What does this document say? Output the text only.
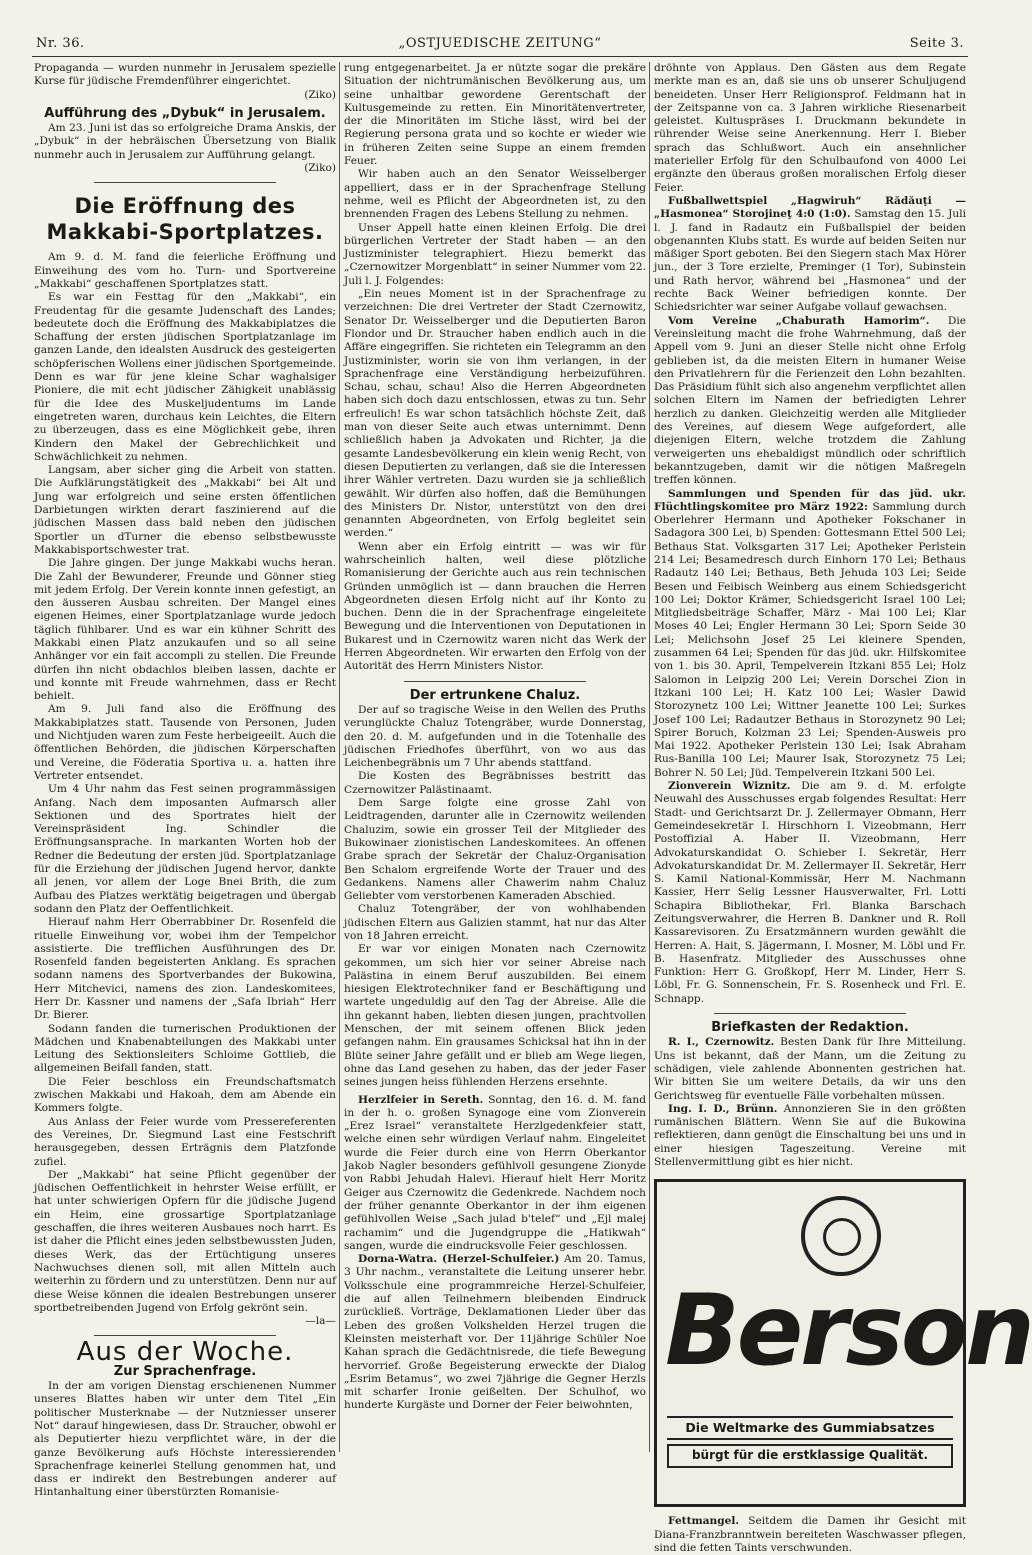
Nr. 36.	„OSTJUEDISCHE ZEITUNG“	Seite 3.

Propaganda — wurden nunmehr in Jerusalem spezielle Kurse für jüdische Fremdenführer eingerichtet.

(Ziko)

Aufführung des „Dybuk“ in Jerusalem.

Am 23. Juni ist das so erfolgreiche Drama Anskis, der „Dybuk“ in der hebräischen Übersetzung von Bialik nunmehr auch in Jerusalem zur Aufführung gelangt.

(Ziko)

Die Eröffnung des Makkabi-Sportplatzes.

Am 9. d. M. fand die feierliche Eröffnung und Einweihung des vom ho. Turn- und Sportvereine „Makkabi“ geschaffenen Sportplatzes statt.

Es war ein Festtag für den „Makkabi“, ein Freudentag für die gesamte Judenschaft des Landes; bedeutete doch die Eröffnung des Makkabiplatzes die Schaffung der ersten jüdischen Sportplatzanlage im ganzen Lande, den idealsten Ausdruck des gesteigerten schöpferischen Wollens einer jüdischen Sportgemeinde. Denn es war für jene kleine Schar waghalsiger Pioniere, die mit echt jüdischer Zähigkeit unablässig für die Idee des Muskeljudentums im Lande eingetreten waren, durchaus kein Leichtes, die Eltern zu überzeugen, dass es eine Möglichkeit gebe, ihren Kindern den Makel der Gebrechlichkeit und Schwächlichkeit zu nehmen.

Langsam, aber sicher ging die Arbeit von statten. Die Aufklärungstätigkeit des „Makkabi“ bei Alt und Jung war erfolgreich und seine ersten öffentlichen Darbietungen wirkten derart faszinierend auf die jüdischen Massen dass bald neben den jüdischen Sportler un dTurner die ebenso selbstbewusste Makkabisportschwester trat.

Die Jahre gingen. Der junge Makkabi wuchs heran. Die Zahl der Bewunderer, Freunde und Gönner stieg mit jedem Erfolg. Der Verein konnte innen gefestigt, an den äusseren Ausbau schreiten. Der Mangel eines eigenen Heimes, einer Sportplatzanlage wurde jedoch täglich fühlbarer. Und es war ein kühner Schritt des Makkabi einen Platz anzukaufen und so all seine Anhänger vor ein fait accompli zu stellen. Die Freunde dürfen ihn nicht obdachlos bleiben lassen, dachte er und konnte mit Freude wahrnehmen, dass er Recht behielt.

Am 9. Juli fand also die Eröffnung des Makkabiplatzes statt. Tausende von Personen, Juden und Nichtjuden waren zum Feste herbeigeeilt. Auch die öffentlichen Behörden, die jüdischen Körperschaften und Vereine, die Föderatia Sportiva u. a. hatten ihre Vertreter entsendet.

Um 4 Uhr nahm das Fest seinen programmässigen Anfang. Nach dem imposanten Aufmarsch aller Sektionen und des Sportrates hielt der Vereinspräsident Ing. Schindler die Eröffnungsansprache. In markanten Worten hob der Redner die Bedeutung der ersten jüd. Sportplatzanlage für die Erziehung der jüdischen Jugend hervor, dankte all jenen, vor allem der Loge Bnei Brith, die zum Aufbau des Platzes werktätig beigetragen und übergab sodann den Platz der Oeffentlichkeit.

Hierauf nahm Herr Oberrabbiner Dr. Rosenfeld die rituelle Einweihung vor, wobei ihm der Tempelchor assistierte. Die trefflichen Ausführungen des Dr. Rosenfeld fanden begeisterten Anklang. Es sprachen sodann namens des Sportverbandes der Bukowina, Herr Mitchevici, namens des zion. Landeskomitees, Herr Dr. Kassner und namens der „Safa Ibriah“ Herr Dr. Bierer.

Sodann fanden die turnerischen Produktionen der Mädchen und Knabenabteilungen des Makkabi unter Leitung des Sektionsleiters Schloime Gottlieb, die allgemeinen Beifall fanden, statt.

Die Feier beschloss ein Freundschaftsmatch zwischen Makkabi und Hakoah, dem am Abende ein Kommers folgte.

Aus Anlass der Feier wurde vom Pressereferenten des Vereines, Dr. Siegmund Last eine Festschrift herausgegeben, dessen Erträgnis dem Platzfonde zufiel.

Der „Makkabi“ hat seine Pflicht gegenüber der jüdischen Oeffentlichkeit in hehrster Weise erfüllt, er hat unter schwierigen Opfern für die jüdische Jugend ein Heim, eine grossartige Sportplatzanlage geschaffen, die ihres weiteren Ausbaues noch harrt. Es ist daher die Pflicht eines jeden selbstbewussten Juden, dieses Werk, das der Ertüchtigung unseres Nachwuchses dienen soll, mit allen Mitteln auch weiterhin zu fördern und zu unterstützen. Denn nur auf diese Weise können die idealen Bestrebungen unserer sportbetreibenden Jugend von Erfolg gekrönt sein.

—la—

Aus der Woche.
Zur Sprachenfrage.

In der am vorigen Dienstag erschienenen Nummer unseres Blattes haben wir unter dem Titel „Ein politischer Musterknabe — der Nutzniesser unserer Not“ darauf hingewiesen, dass Dr. Straucher, obwohl er als Deputierter hiezu verpflichtet wäre, in der die ganze Bevölkerung aufs Höchste interessierenden Sprachenfrage keinerlei Stellung genommen hat, und dass er indirekt den Bestrebungen anderer auf Hintanhaltung einer überstürzten Romanisie-

rung entgegenarbeitet. Ja er nützte sogar die prekäre Situation der nichtrumänischen Bevölkerung aus, um seine unhaltbar gewordene Gerentschaft der Kultusgemeinde zu retten. Ein Minoritätenvertreter, der die Minoritäten im Stiche lässt, wird bei der Regierung persona grata und so kochte er wieder wie in früheren Zeiten seine Suppe an einem fremden Feuer.

Wir haben auch an den Senator Weisselberger appelliert, dass er in der Sprachenfrage Stellung nehme, weil es Pflicht der Abgeordneten ist, zu den brennenden Fragen des Lebens Stellung zu nehmen.

Unser Appell hatte einen kleinen Erfolg. Die drei bürgerlichen Vertreter der Stadt haben — an den Justizminister telegraphiert. Hiezu bemerkt das „Czernowitzer Morgenblatt“ in seiner Nummer vom 22. Juli l. J. Folgendes:

„Ein neues Moment ist in der Sprachenfrage zu verzeichnen: Die drei Vertreter der Stadt Czernowitz, Senator Dr. Weisselberger und die Deputierten Baron Flondor und Dr. Straucher haben endlich auch in die Affäre eingegriffen. Sie richteten ein Telegramm an den Justizminister, worin sie von ihm verlangen, in der Sprachenfrage eine Verständigung herbeizuführen. Schau, schau, schau! Also die Herren Abgeordneten haben sich doch dazu entschlossen, etwas zu tun. Sehr erfreulich! Es war schon tatsächlich höchste Zeit, daß man von dieser Seite auch etwas unternimmt. Denn schließlich haben ja Advokaten und Richter, ja die gesamte Landesbevölkerung ein klein wenig Recht, von diesen Deputierten zu verlangen, daß sie die Interessen ihrer Wähler vertreten. Dazu wurden sie ja schließlich gewählt. Wir dürfen also hoffen, daß die Bemühungen des Ministers Dr. Nistor, unterstützt von den drei genannten Abgeordneten, von Erfolg begleitet sein werden.“

Wenn aber ein Erfolg eintritt — was wir für wahrscheinlich halten, weil diese plötzliche Romanisierung der Gerichte auch aus rein technischen Gründen unmöglich ist — dann brauchen die Herren Abgeordneten diesen Erfolg nicht auf ihr Konto zu buchen. Denn die in der Sprachenfrage eingeleitete Bewegung und die Interventionen von Deputationen in Bukarest und in Czernowitz waren nicht das Werk der Herren Abgeordneten. Wir erwarten den Erfolg von der Autorität des Herrn Ministers Nistor.

Der ertrunkene Chaluz.

Der auf so tragische Weise in den Wellen des Pruths verunglückte Chaluz Totengräber, wurde Donnerstag, den 20. d. M. aufgefunden und in die Totenhalle des jüdischen Friedhofes überführt, von wo aus das Leichenbegräbnis um 7 Uhr abends stattfand.

Die Kosten des Begräbnisses bestritt das Czernowitzer Palästinaamt.

Dem Sarge folgte eine grosse Zahl von Leidtragenden, darunter alle in Czernowitz weilenden Chaluzim, sowie ein grosser Teil der Mitglieder des Bukowinaer zionistischen Landeskomitees. An offenen Grabe sprach der Sekretär der Chaluz-Organisation Ben Schalom ergreifende Worte der Trauer und des Gedankens. Namens aller Chawerim nahm Chaluz Geliebter vom verstorbenen Kameraden Abschied.

Chaluz Totengräber, der von wohlhabenden jüdischen Eltern aus Galizien stammt, hat nur das Alter von 18 Jahren erreicht.

Er war vor einigen Monaten nach Czernowitz gekommen, um sich hier vor seiner Abreise nach Palästina in einem Beruf auszubilden. Bei einem hiesigen Elektrotechniker fand er Beschäftigung und wartete ungeduldig auf den Tag der Abreise. Alle die ihn gekannt haben, liebten diesen jungen, prachtvollen Menschen, der mit seinem offenen Blick jeden gefangen nahm. Ein grausames Schicksal hat ihn in der Blüte seiner Jahre gefällt und er blieb am Wege liegen, ohne das Land gesehen zu haben, das der jeder Faser seines jungen heiss fühlenden Herzens ersehnte.

Herzlfeier in Sereth. Sonntag, den 16. d. M. fand in der h. o. großen Synagoge eine vom Zionverein „Erez Israel“ veranstaltete Herzlgedenkfeier statt, welche einen sehr würdigen Verlauf nahm. Eingeleitet wurde die Feier durch eine von Herrn Oberkantor Jakob Nagler besonders gefühlvoll gesungene Zionyde von Rabbi Jehudah Halevi. Hierauf hielt Herr Moritz Geiger aus Czernowitz die Gedenkrede. Nachdem noch der früher genannte Oberkantor in der ihm eigenen gefühlvollen Weise „Sach julad b'telef“ und „Ejl malej rachamim“ und die Jugendgruppe die „Hatikwah“ sangen, wurde die eindrucksvolle Feier geschlossen.

Dorna-Watra. (Herzel-Schulfeier.) Am 20. Tamus, 3 Uhr nachm., veranstaltete die Leitung unserer hebr. Volksschule eine programmreiche Herzel-Schulfeier, die auf allen Teilnehmern bleibenden Eindruck zurückließ. Vorträge, Deklamationen Lieder über das Leben des großen Volkshelden Herzel trugen die Kleinsten meisterhaft vor. Der 11jährige Schüler Noe Kahan sprach die Gedächtnisrede, die tiefe Bewegung hervorrief. Große Begeisterung erweckte der Dialog „Esrim Betamus“, wo zwei 7jährige die Gegner Herzls mit scharfer Ironie geißelten. Der Schulhof, wo hunderte Kurgäste und Dorner der Feier beiwohnten,

dröhnte von Applaus. Den Gästen aus dem Regate merkte man es an, daß sie uns ob unserer Schuljugend beneideten. Unser Herr Religionsprof. Feldmann hat in der Zeitspanne von ca. 3 Jahren wirkliche Riesenarbeit geleistet. Kultuspräses I. Druckmann bekundete in rührender Weise seine Anerkennung. Herr I. Bieber sprach das Schlußwort. Auch ein ansehnlicher materieller Erfolg für den Schulbaufond von 4000 Lei ergänzte den überaus großen moralischen Erfolg dieser Feier.

Fußballwettspiel „Hagwiruh“ Rădăuţi — „Hasmonea“ Storojineţ 4:0 (1:0). Samstag den 15. Juli l. J. fand in Radautz ein Fußballspiel der beiden obgenannten Klubs statt. Es wurde auf beiden Seiten nur mäßiger Sport geboten. Bei den Siegern stach Max Hörer jun., der 3 Tore erzielte, Preminger (1 Tor), Subinstein und Rath hervor, während bei „Hasmonea“ und der rechte Back Weiner befriedigen konnte. Der Schiedsrichter war seiner Aufgabe vollauf gewachsen.

Vom Vereine „Chaburath Hamorim“. Die Vereinsleitung macht die frohe Wahrnehmung, daß der Appell vom 9. Juni an dieser Stelle nicht ohne Erfolg geblieben ist, da die meisten Eltern in humaner Weise den Privatlehrern für die Ferienzeit den Lohn bezahlten. Das Präsidium fühlt sich also angenehm verpflichtet allen solchen Eltern im Namen der befriedigten Lehrer herzlich zu danken. Gleichzeitig werden alle Mitglieder des Vereines, auf diesem Wege aufgefordert, alle diejenigen Eltern, welche trotzdem die Zahlung verweigerten uns ehebaldigst mündlich oder schriftlich bekanntzugeben, damit wir die nötigen Maßregeln treffen können.

Sammlungen und Spenden für das jüd. ukr. Flüchtlingskomitee pro März 1922: Sammlung durch Oberlehrer Hermann und Apotheker Fokschaner in Sadagora 300 Lei, b) Spenden: Gottesmann Ettel 500 Lei; Bethaus Stat. Volksgarten 317 Lei; Apotheker Perlstein 214 Lei; Besamedresch durch Einhorn 170 Lei; Bethaus Radautz 140 Lei; Bethaus, Beth Jehuda 103 Lei; Seide Besen und Feibisch Weinberg aus einem Schiedsgericht 100 Lei; Doktor Krämer, Schiedsgericht Israel 100 Lei; Mitgliedsbeiträge Schaffer, März - Mai 100 Lei; Klar Moses 40 Lei; Engler Hermann 30 Lei; Sporn Seide 30 Lei; Melichsohn Josef 25 Lei kleinere Spenden, zusammen 64 Lei; Spenden für das jüd. ukr. Hilfskomitee von 1. bis 30. April, Tempelverein Itzkani 855 Lei; Holz Salomon in Leipzig 200 Lei; Verein Dorschei Zion in Itzkani 100 Lei; H. Katz 100 Lei; Wasler Dawid Storozynetz 100 Lei; Wittner Jeanette 100 Lei; Surkes Josef 100 Lei; Radautzer Bethaus in Storozynetz 90 Lei; Spirer Boruch, Kolzman 23 Lei; Spenden-Ausweis pro Mai 1922. Apotheker Perlstein 130 Lei; Isak Abraham Rus-Banilla 100 Lei; Maurer Isak, Storozynetz 75 Lei; Bohrer N. 50 Lei; Jüd. Tempelverein Itzkani 500 Lei.

Zionverein Wiznitz. Die am 9. d. M. erfolgte Neuwahl des Ausschusses ergab folgendes Resultat: Herr Stadt- und Gerichtsarzt Dr. J. Zellermayer Obmann, Herr Gemeindesekretär I. Hirschhorn I. Vizeobmann, Herr Postoffizial A. Haber II. Vizeobmann, Herr Advokaturskandidat O. Schieber I. Sekretär, Herr Advokaturskandidat Dr. M. Zellermayer II. Sekretär, Herr S. Kamil National-Kommissär, Herr M. Nachmann Kassier, Herr Selig Lessner Hausverwalter, Frl. Lotti Schapira Bibliothekar, Frl. Blanka Barschach Zeitungsverwahrer, die Herren B. Dankner und R. Roll Kassarevisoren. Zu Ersatzmännern wurden gewählt die Herren: A. Hait, S. Jägermann, I. Mosner, M. Löbl und Fr. B. Hasenfratz. Mitglieder des Ausschusses ohne Funktion: Herr G. Großkopf, Herr M. Linder, Herr S. Löbl, Fr. G. Sonnenschein, Fr. S. Rosenheck und Frl. E. Schnapp.

Briefkasten der Redaktion.

R. I., Czernowitz. Besten Dank für Ihre Mitteilung. Uns ist bekannt, daß der Mann, um die Zeitung zu schädigen, viele zahlende Abonnenten gestrichen hat. Wir bitten Sie um weitere Details, da wir uns den Gerichtsweg für eventuelle Fälle vorbehalten müssen.

Ing. I. D., Brünn. Annonzieren Sie in den größten rumänischen Blättern. Wenn Sie auf die Bukowina reflektieren, dann genügt die Einschaltung bei uns und in einer hiesigen Tageszeitung. Vereine mit Stellenvermittlung gibt es hier nicht.

Berson
Die Weltmarke des Gummiabsatzes
bürgt für die erstklassige Qualität.

Fettmangel. Seitdem die Damen ihr Gesicht mit Diana-Franzbranntwein bereiteten Waschwasser pflegen, sind die fetten Taints verschwunden.
